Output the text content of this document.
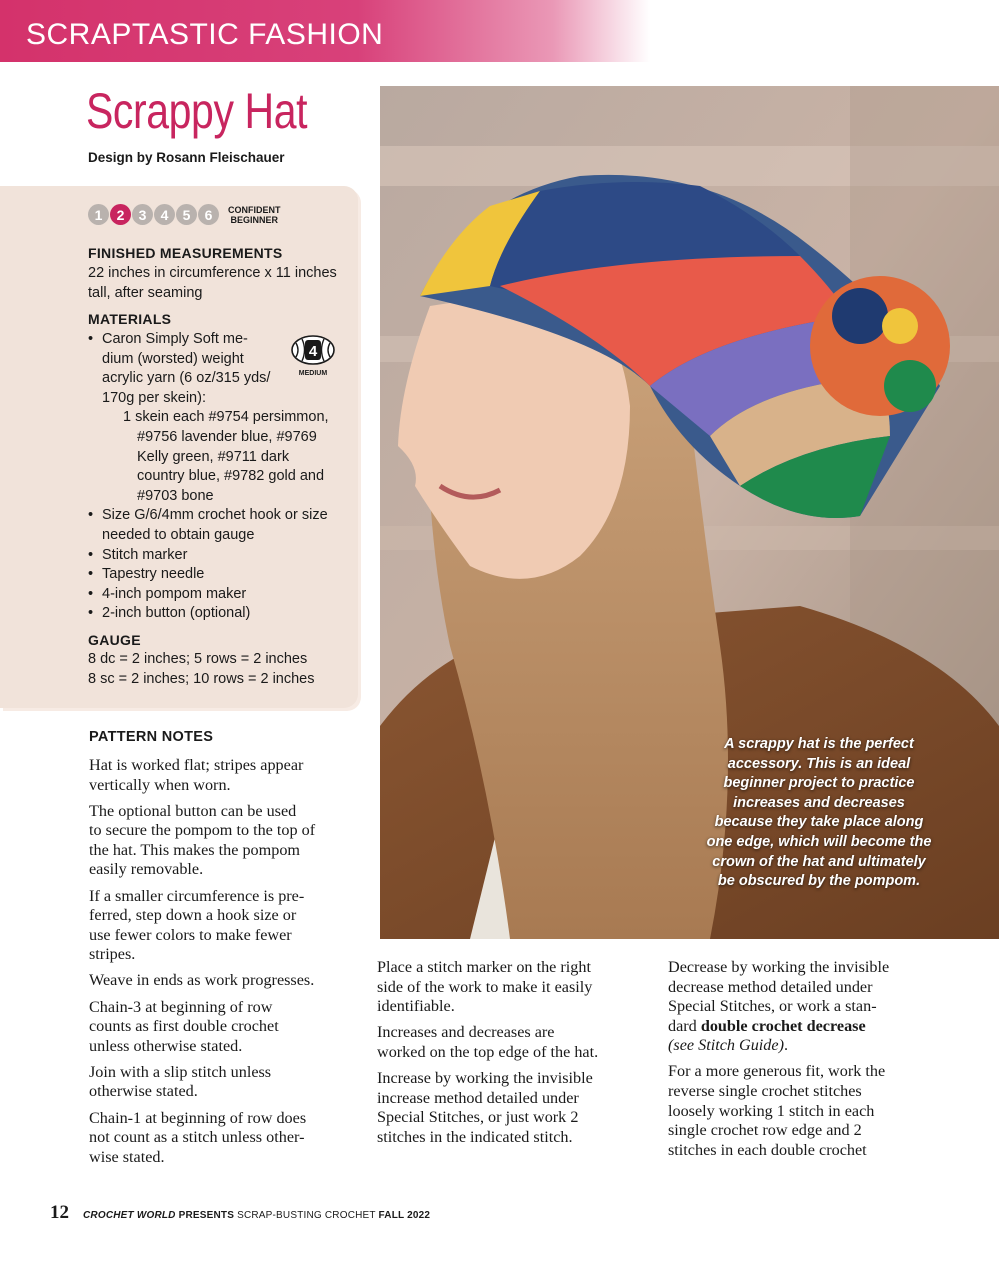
SCRAPTASTIC FASHION
Scrappy Hat
Design by Rosann Fleischauer
1	2	3	4	5	6	CONFIDENT
BEGINNER
FINISHED MEASUREMENTS
22 inches in circumference x 11 inches
tall, after seaming
MATERIALS
4
MEDIUM
• Caron Simply Soft me-
dium (worsted) weight
acrylic yarn (6 oz/315 yds/
170g per skein):
1 skein each #9754 persimmon,
#9756 lavender blue, #9769
Kelly green, #9711 dark
country blue, #9782 gold and
#9703 bone
• Size G/6/4mm crochet hook or size
needed to obtain gauge
• Stitch marker
• Tapestry needle
• 4-inch pompom maker
• 2-inch button (optional)
GAUGE
8 dc = 2 inches; 5 rows = 2 inches
8 sc = 2 inches; 10 rows = 2 inches
A scrappy hat is the perfect
accessory. This is an ideal
beginner project to practice
increases and decreases
because they take place along
one edge, which will become the
crown of the hat and ultimately
be obscured by the pompom.
PATTERN NOTES

Hat is worked flat; stripes appear
vertically when worn.

The optional button can be used
to secure the pompom to the top of
the hat. This makes the pompom
easily removable.

If a smaller circumference is pre-
ferred, step down a hook size or
use fewer colors to make fewer
stripes.

Weave in ends as work progresses.

Chain-3 at beginning of row
counts as first double crochet
unless otherwise stated.

Join with a slip stitch unless
otherwise stated.

Chain-1 at beginning of row does
not count as a stitch unless other-
wise stated.

Place a stitch marker on the right
side of the work to make it easily
identifiable.

Increases and decreases are
worked on the top edge of the hat.

Increase by working the invisible
increase method detailed under
Special Stitches, or just work 2
stitches in the indicated stitch.

Decrease by working the invisible
decrease method detailed under
Special Stitches, or work a stan-
dard double crochet decrease
(see Stitch Guide).

For a more generous fit, work the
reverse single crochet stitches
loosely working 1 stitch in each
single crochet row edge and 2
stitches in each double crochet

12 CROCHET WORLD PRESENTS SCRAP-BUSTING CROCHET FALL 2022
